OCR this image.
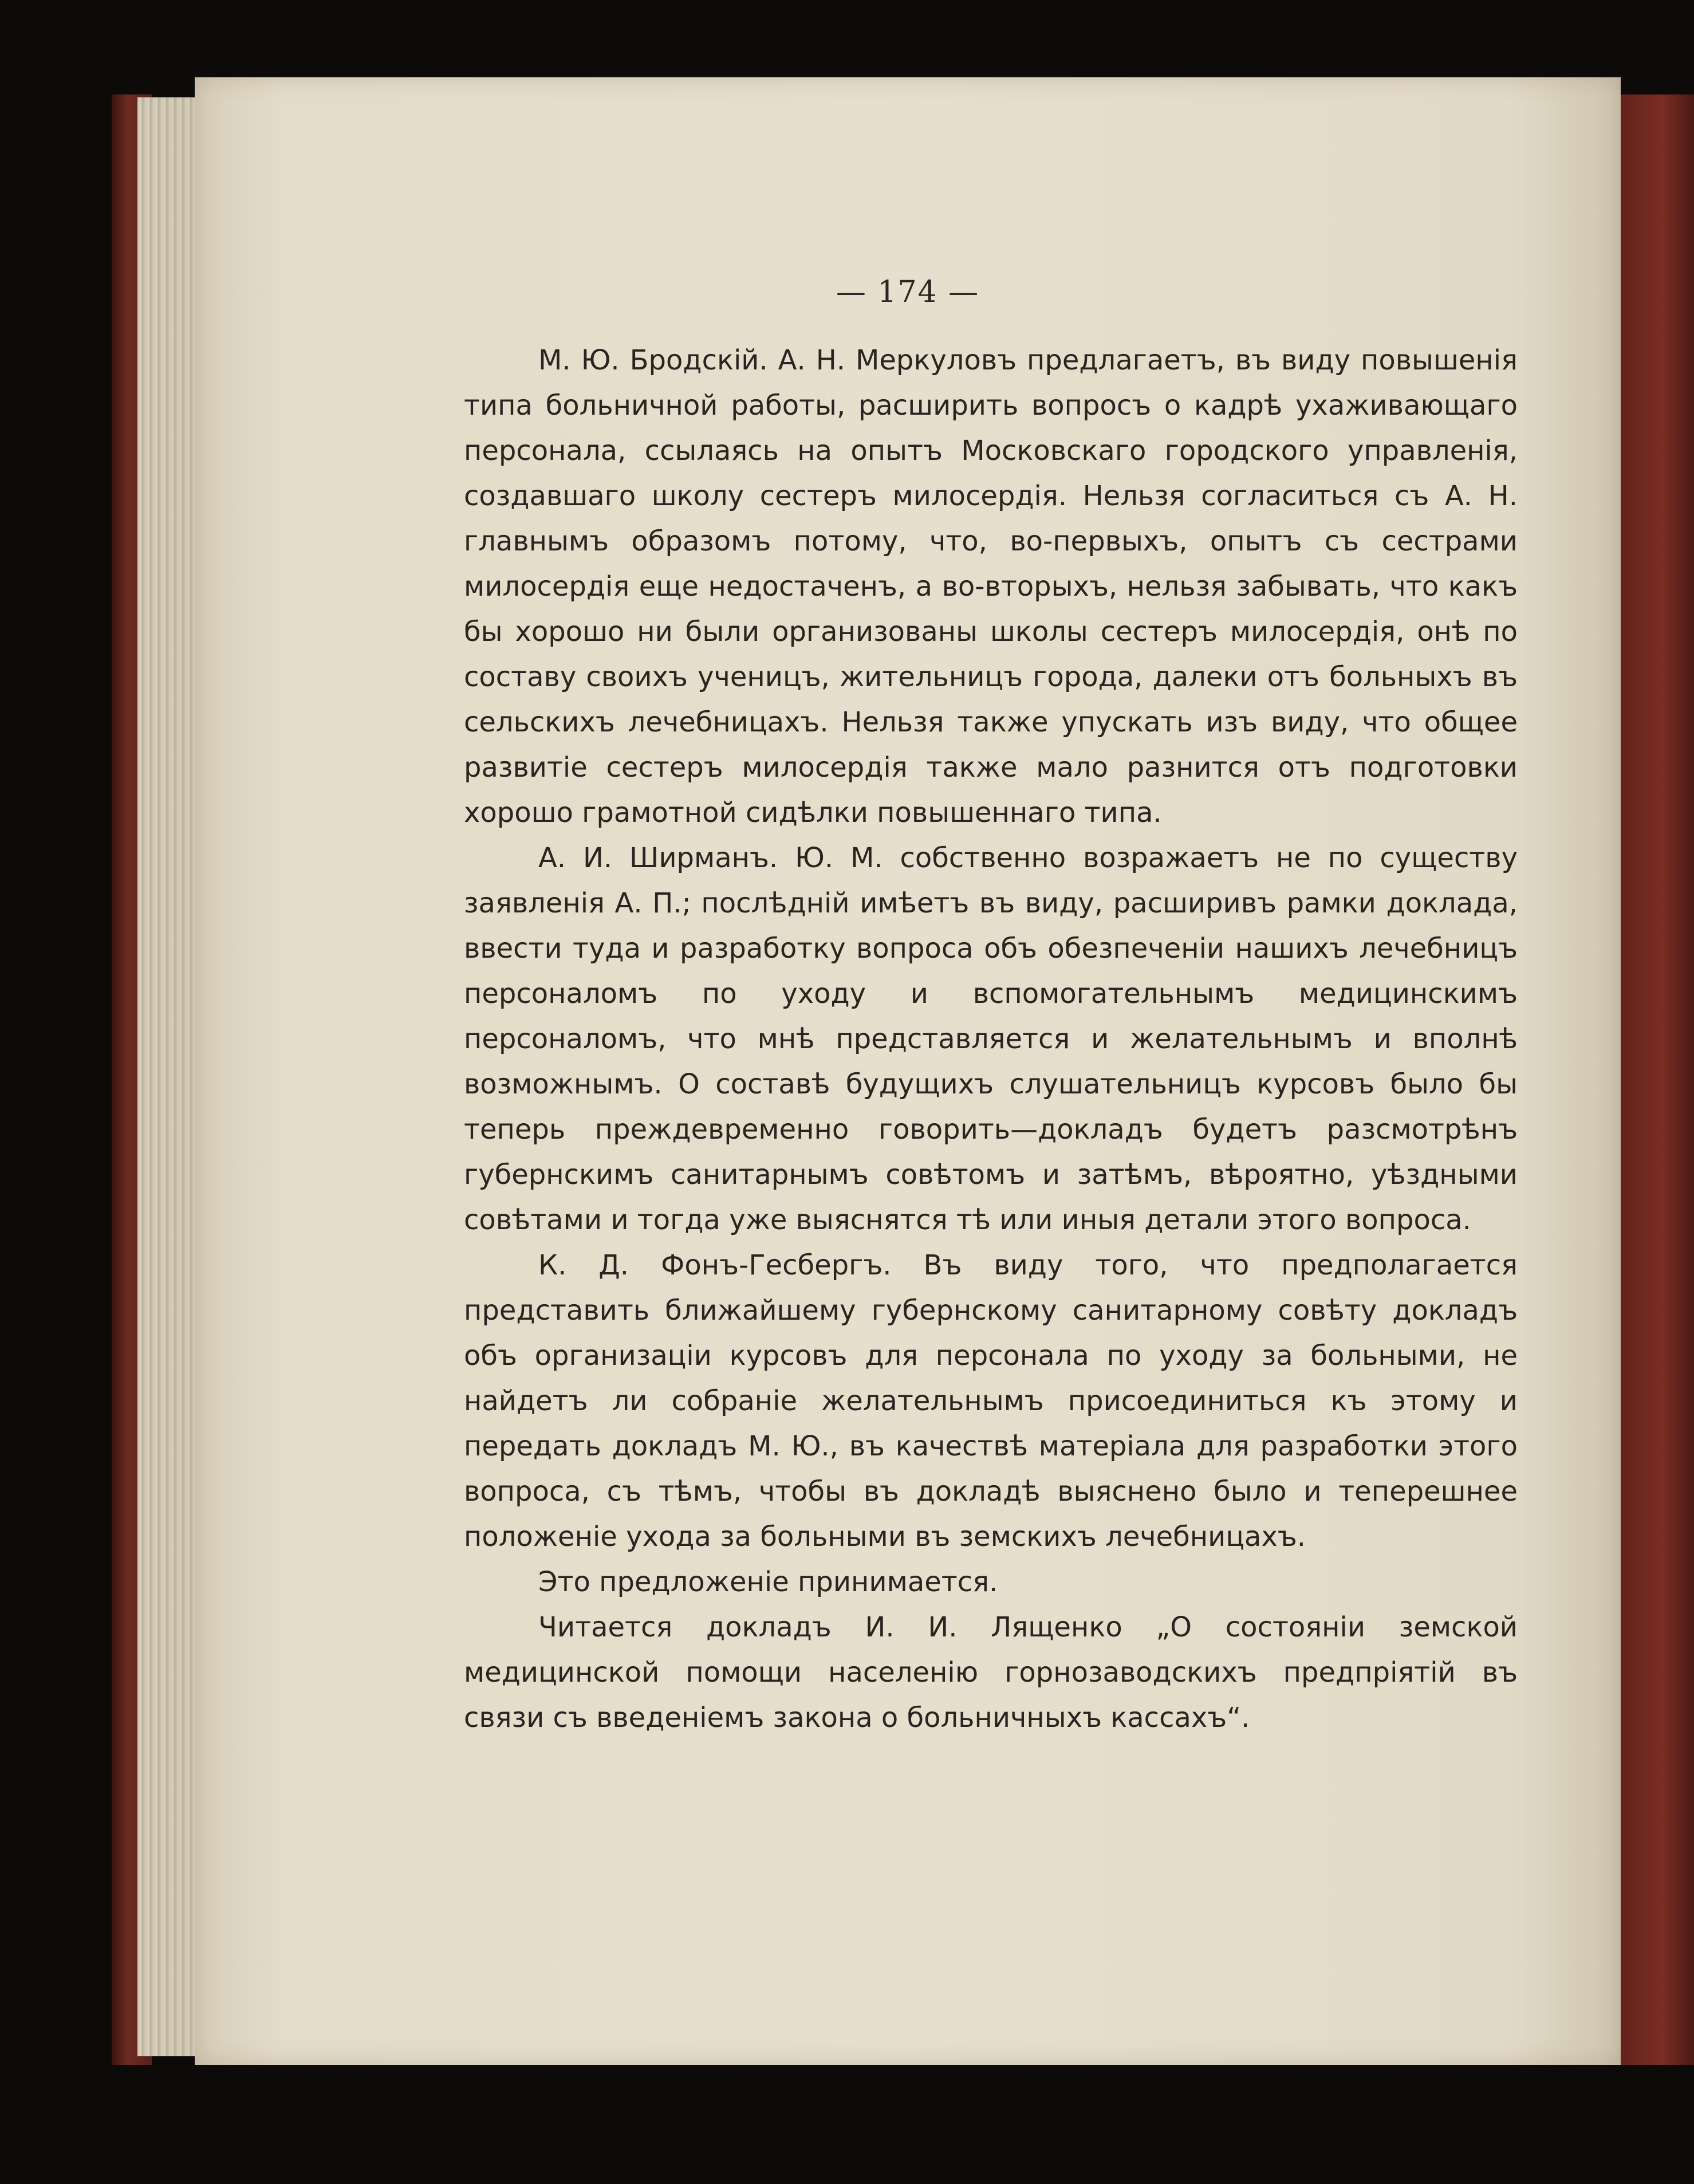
— 174 —

М. Ю. Бродскій. А. Н. Меркуловъ предлагаетъ, въ виду повышенія типа больничной работы, расширить вопросъ о кадрѣ ухаживающаго персонала, ссылаясь на опытъ Московскаго городского управленія, создавшаго школу сестеръ милосердія. Нельзя согласиться съ А. Н. главнымъ образомъ потому, что, во-первыхъ, опытъ съ сестрами милосердія еще недостаченъ, а во-вторыхъ, нельзя забывать, что какъ бы хорошо ни были организованы школы сестеръ милосердія, онѣ по составу своихъ ученицъ, жительницъ города, далеки отъ больныхъ въ сельскихъ лечебницахъ. Нельзя также упускать изъ виду, что общее развитіе сестеръ милосердія также мало разнится отъ подготовки хорошо грамотной сидѣлки повышеннаго типа.

А. И. Ширманъ. Ю. М. собственно возражаетъ не по существу заявленія А. П.; послѣдній имѣетъ въ виду, расширивъ рамки доклада, ввести туда и разработку вопроса объ обезпеченіи нашихъ лечебницъ персоналомъ по уходу и вспомогательнымъ медицинскимъ персоналомъ, что мнѣ представляется и желательнымъ и вполнѣ возможнымъ. О составѣ будущихъ слушательницъ курсовъ было бы теперь преждевременно говорить—докладъ будетъ разсмотрѣнъ губернскимъ санитарнымъ совѣтомъ и затѣмъ, вѣроятно, уѣздными совѣтами и тогда уже выяснятся тѣ или иныя детали этого вопроса.

К. Д. Фонъ-Гесбергъ. Въ виду того, что предполагается представить ближайшему губернскому санитарному совѣту докладъ объ организаціи курсовъ для персонала по уходу за больными, не найдетъ ли собраніе желательнымъ присоединиться къ этому и передать докладъ М. Ю., въ качествѣ матеріала для разработки этого вопроса, съ тѣмъ, чтобы въ докладѣ выяснено было и теперешнее положеніе ухода за больными въ земскихъ лечебницахъ.

Это предложеніе принимается.

Читается докладъ И. И. Лященко „О состояніи земской медицинской помощи населенію горнозаводскихъ предпріятій въ связи съ введеніемъ закона о больничныхъ кассахъ“.
